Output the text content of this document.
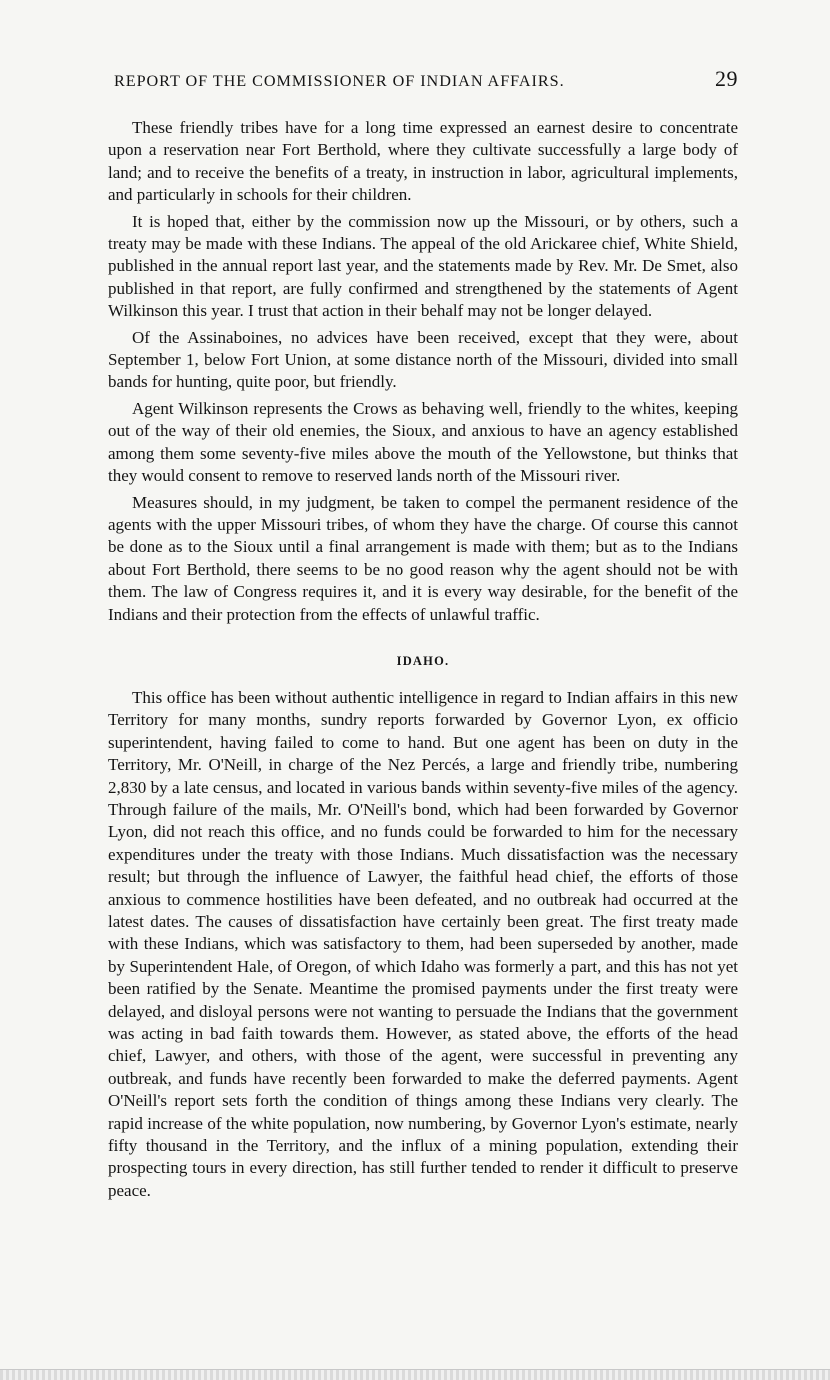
REPORT OF THE COMMISSIONER OF INDIAN AFFAIRS.	29

These friendly tribes have for a long time expressed an earnest desire to concentrate upon a reservation near Fort Berthold, where they cultivate successfully a large body of land; and to receive the benefits of a treaty, in instruction in labor, agricultural implements, and particularly in schools for their children.

It is hoped that, either by the commission now up the Missouri, or by others, such a treaty may be made with these Indians. The appeal of the old Arickaree chief, White Shield, published in the annual report last year, and the statements made by Rev. Mr. De Smet, also published in that report, are fully confirmed and strengthened by the statements of Agent Wilkinson this year. I trust that action in their behalf may not be longer delayed.

Of the Assinaboines, no advices have been received, except that they were, about September 1, below Fort Union, at some distance north of the Missouri, divided into small bands for hunting, quite poor, but friendly.

Agent Wilkinson represents the Crows as behaving well, friendly to the whites, keeping out of the way of their old enemies, the Sioux, and anxious to have an agency established among them some seventy-five miles above the mouth of the Yellowstone, but thinks that they would consent to remove to reserved lands north of the Missouri river.

Measures should, in my judgment, be taken to compel the permanent residence of the agents with the upper Missouri tribes, of whom they have the charge. Of course this cannot be done as to the Sioux until a final arrangement is made with them; but as to the Indians about Fort Berthold, there seems to be no good reason why the agent should not be with them. The law of Congress requires it, and it is every way desirable, for the benefit of the Indians and their protection from the effects of unlawful traffic.

IDAHO.

This office has been without authentic intelligence in regard to Indian affairs in this new Territory for many months, sundry reports forwarded by Governor Lyon, ex officio superintendent, having failed to come to hand. But one agent has been on duty in the Territory, Mr. O'Neill, in charge of the Nez Percés, a large and friendly tribe, numbering 2,830 by a late census, and located in various bands within seventy-five miles of the agency. Through failure of the mails, Mr. O'Neill's bond, which had been forwarded by Governor Lyon, did not reach this office, and no funds could be forwarded to him for the necessary expenditures under the treaty with those Indians. Much dissatisfaction was the necessary result; but through the influence of Lawyer, the faithful head chief, the efforts of those anxious to commence hostilities have been defeated, and no outbreak had occurred at the latest dates. The causes of dissatisfaction have certainly been great. The first treaty made with these Indians, which was satisfactory to them, had been superseded by another, made by Superintendent Hale, of Oregon, of which Idaho was formerly a part, and this has not yet been ratified by the Senate. Meantime the promised payments under the first treaty were delayed, and disloyal persons were not wanting to persuade the Indians that the government was acting in bad faith towards them. However, as stated above, the efforts of the head chief, Lawyer, and others, with those of the agent, were successful in preventing any outbreak, and funds have recently been forwarded to make the deferred payments. Agent O'Neill's report sets forth the condition of things among these Indians very clearly. The rapid increase of the white population, now numbering, by Governor Lyon's estimate, nearly fifty thousand in the Territory, and the influx of a mining population, extending their prospecting tours in every direction, has still further tended to render it difficult to preserve peace.
